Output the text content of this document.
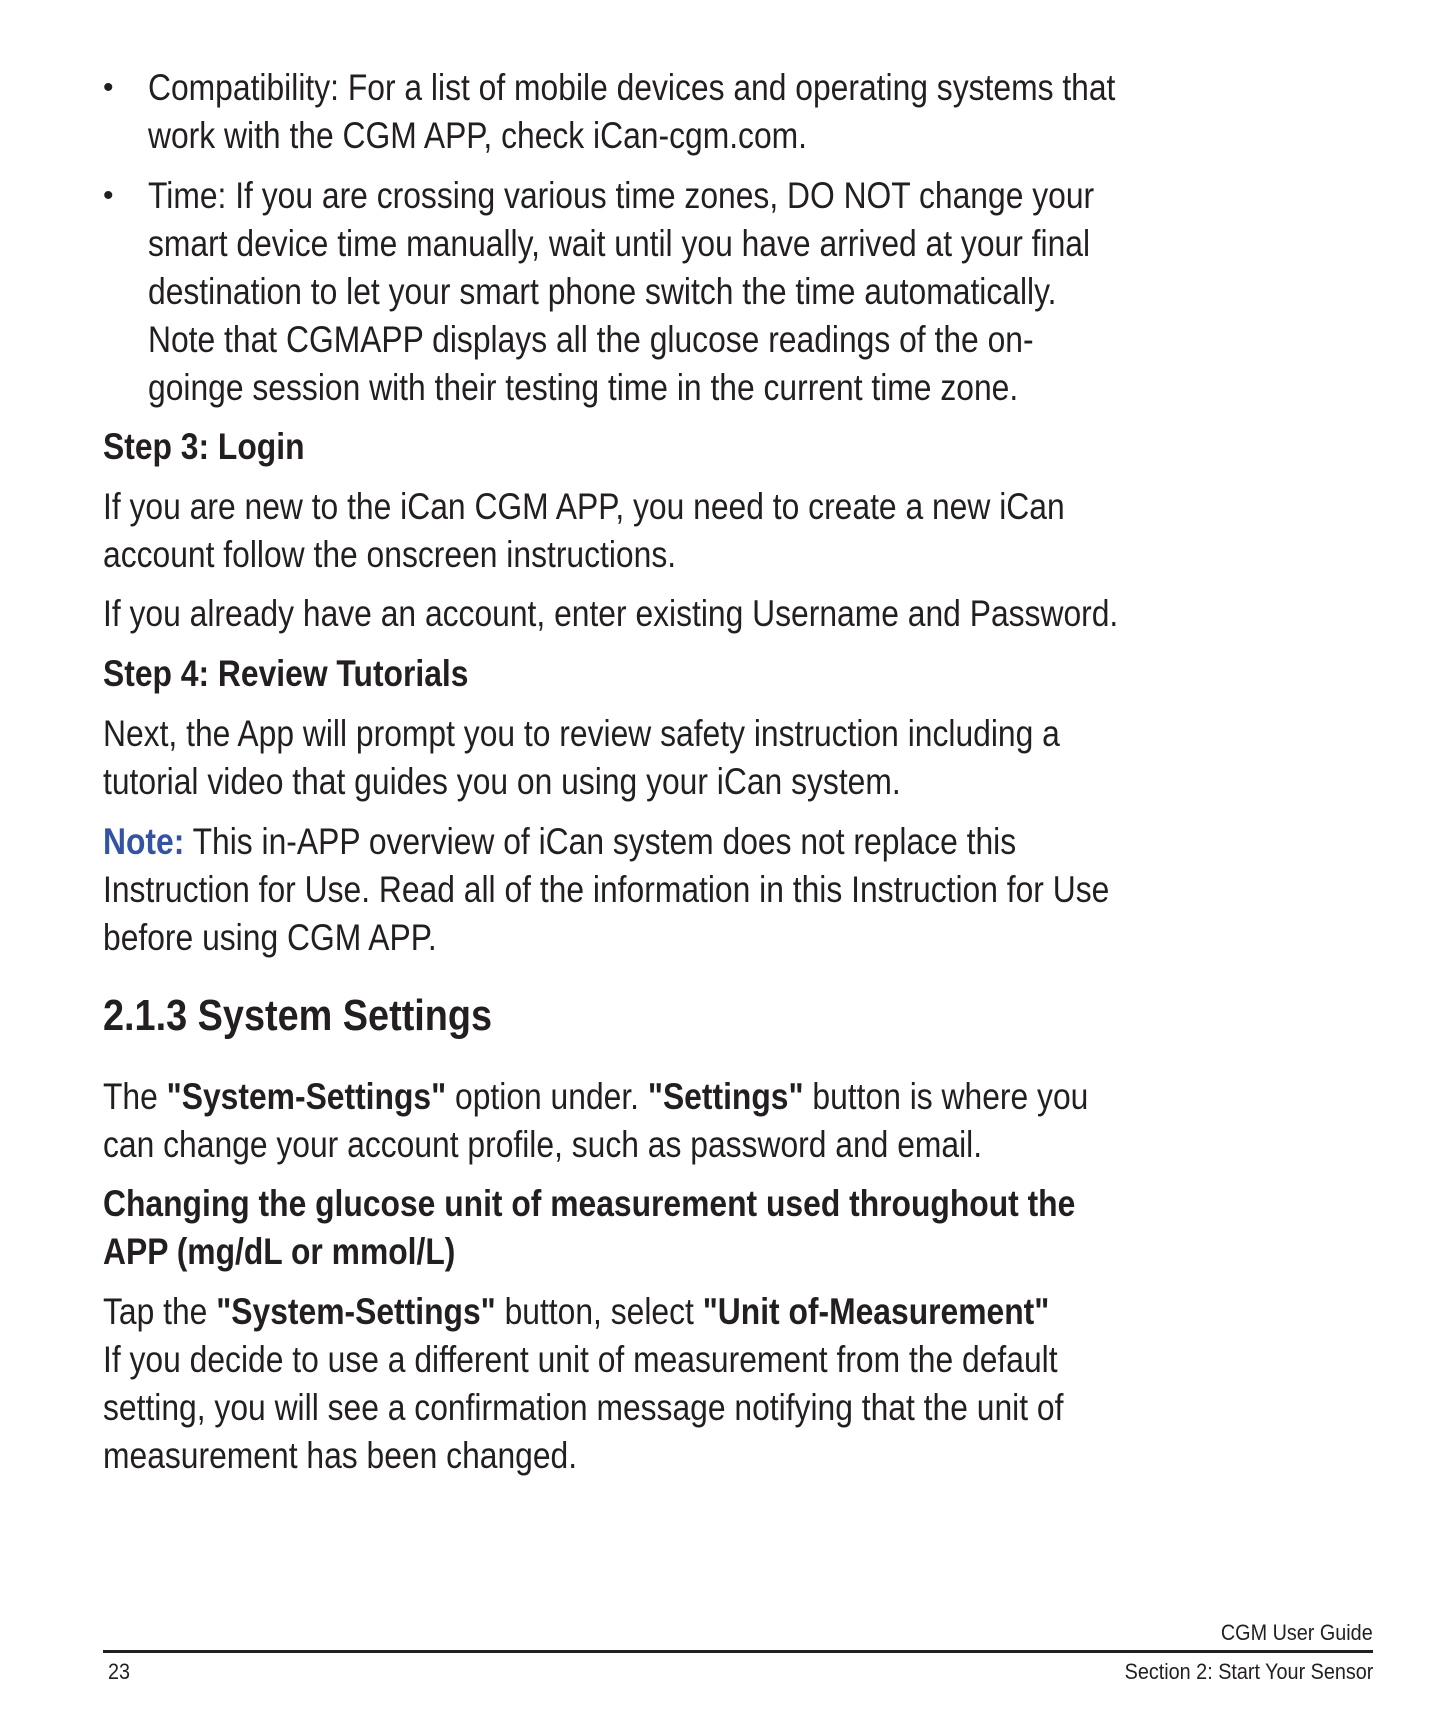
• Compatibility: For a list of mobile devices and operating systems that
work with the CGM APP, check iCan-cgm.com.
• Time: If you are crossing various time zones, DO NOT change your
smart device time manually, wait until you have arrived at your final
destination to let your smart phone switch the time automatically.
Note that CGMAPP displays all the glucose readings of the on-
goinge session with their testing time in the current time zone.
Step 3: Login
If you are new to the iCan CGM APP, you need to create a new iCan
account follow the onscreen instructions.
If you already have an account, enter existing Username and Password.
Step 4: Review Tutorials
Next, the App will prompt you to review safety instruction including a
tutorial video that guides you on using your iCan system.
Note: This in-APP overview of iCan system does not replace this
Instruction for Use. Read all of the information in this Instruction for Use
before using CGM APP.
2.1.3 System Settings
The "System-Settings" option under. "Settings" button is where you
can change your account profile, such as password and email.
Changing the glucose unit of measurement used throughout the
APP (mg/dL or mmol/L)
Tap the "System-Settings" button, select "Unit of-Measurement"
If you decide to use a different unit of measurement from the default
setting, you will see a confirmation message notifying that the unit of
measurement has been changed.
CGM User Guide
23	Section 2: Start Your Sensor
